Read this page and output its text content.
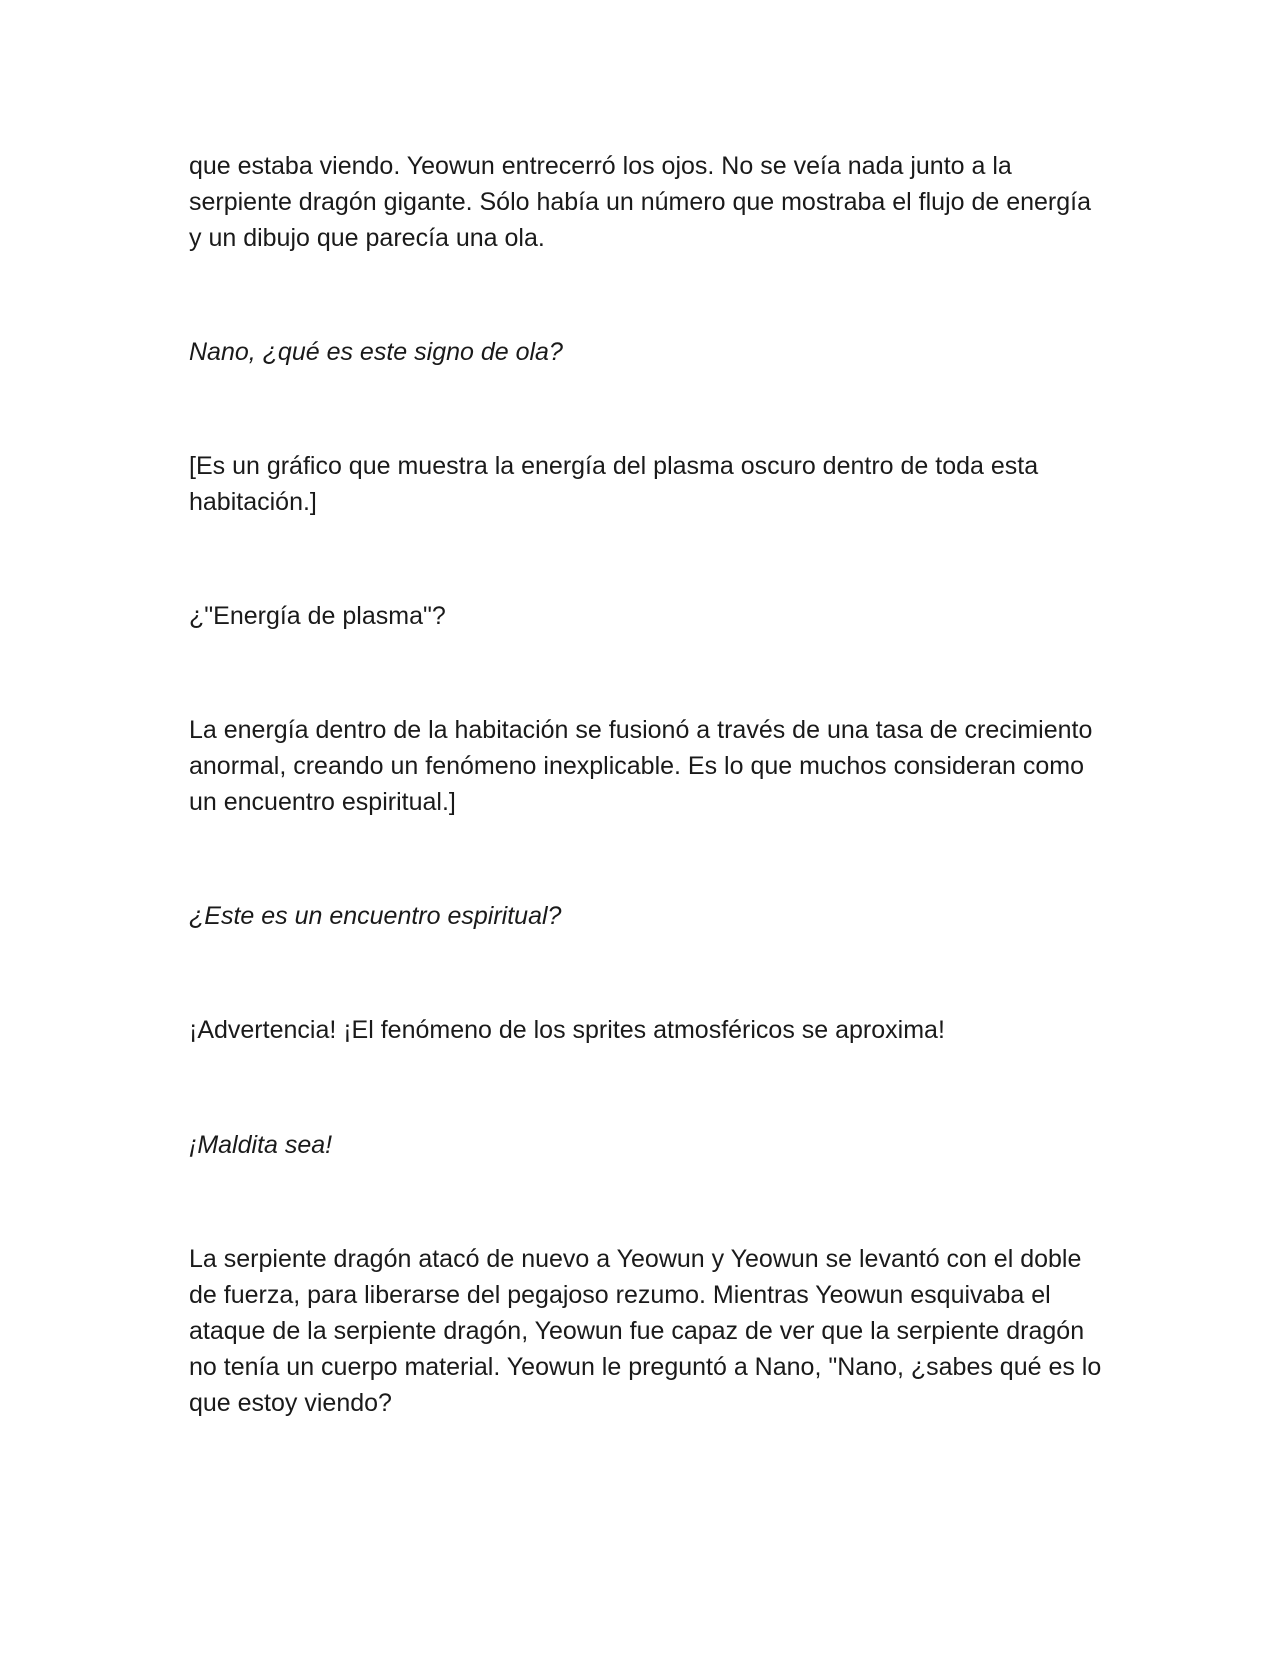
que estaba viendo. Yeowun entrecerró los ojos. No se veía nada junto a la serpiente dragón gigante. Sólo había un número que mostraba el flujo de energía y un dibujo que parecía una ola.

Nano, ¿qué es este signo de ola?

[Es un gráfico que muestra la energía del plasma oscuro dentro de toda esta habitación.]

¿"Energía de plasma"?

La energía dentro de la habitación se fusionó a través de una tasa de crecimiento anormal, creando un fenómeno inexplicable. Es lo que muchos consideran como un encuentro espiritual.]

¿Este es un encuentro espiritual?

¡Advertencia! ¡El fenómeno de los sprites atmosféricos se aproxima!

¡Maldita sea!

La serpiente dragón atacó de nuevo a Yeowun y Yeowun se levantó con el doble de fuerza, para liberarse del pegajoso rezumo. Mientras Yeowun esquivaba el ataque de la serpiente dragón, Yeowun fue capaz de ver que la serpiente dragón no tenía un cuerpo material. Yeowun le preguntó a Nano, "Nano, ¿sabes qué es lo que estoy viendo?
